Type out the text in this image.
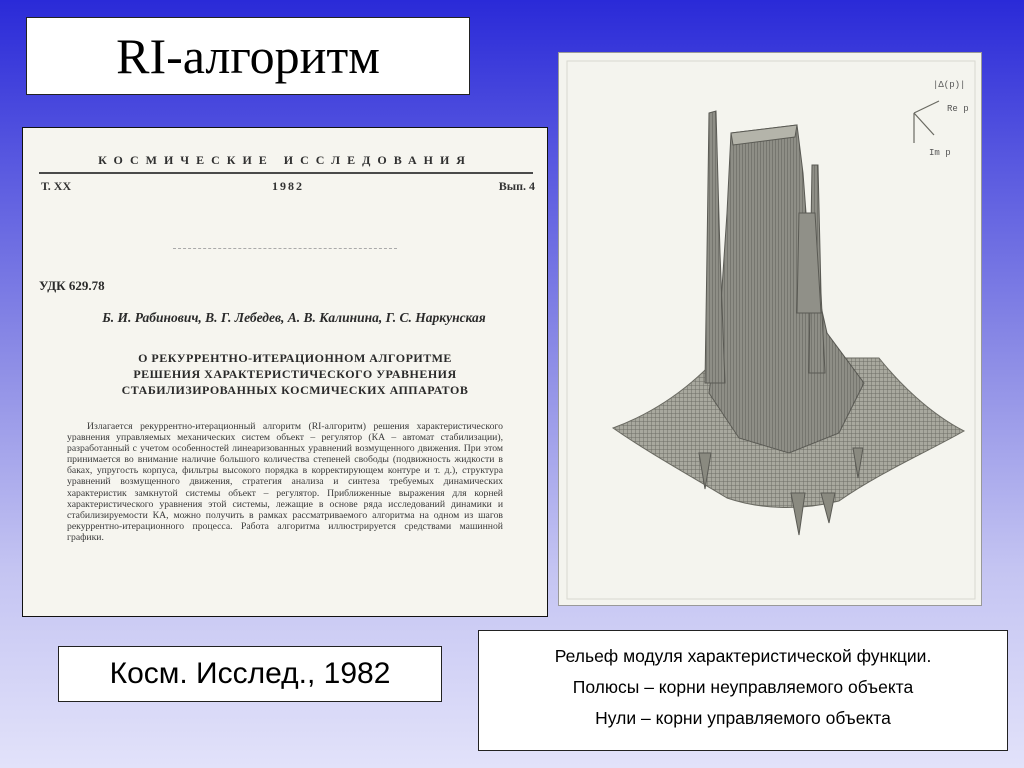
RI-алгоритм
КОСМИЧЕСКИЕ ИССЛЕДОВАНИЯ
Т. XX	1982	Вып. 4
УДК 629.78
Б. И. Рабинович, В. Г. Лебедев, А. В. Калинина, Г. С. Наркунская
О РЕКУРРЕНТНО-ИТЕРАЦИОННОМ АЛГОРИТМЕ РЕШЕНИЯ ХАРАКТЕРИСТИЧЕСКОГО УРАВНЕНИЯ СТАБИЛИЗИРОВАННЫХ КОСМИЧЕСКИХ АППАРАТОВ
Излагается рекуррентно-итерационный алгоритм (RI-алгоритм) решения характеристического уравнения управляемых механических систем объект – регулятор (КА – автомат стабилизации), разработанный с учетом особенностей линеаризованных уравнений возмущенного движения. При этом принимается во внимание наличие большого количества степеней свободы (подвижность жидкости в баках, упругость корпуса, фильтры высокого порядка в корректирующем контуре и т. д.), структура уравнений возмущенного движения, стратегия анализа и синтеза требуемых динамических характеристик замкнутой системы объект – регулятор. Приближенные выражения для корней характеристического уравнения этой системы, лежащие в основе ряда исследований динамики и стабилизируемости КА, можно получить в рамках рассматриваемого алгоритма на одном из шагов рекуррентно-итерационного процесса. Работа алгоритма иллюстрируется средствами машинной графики.
|Δ(p)|
Re p
Im p
Косм. Исслед., 1982
Рельеф модуля характеристической функции.
Полюсы – корни неуправляемого объекта
Нули – корни управляемого объекта
